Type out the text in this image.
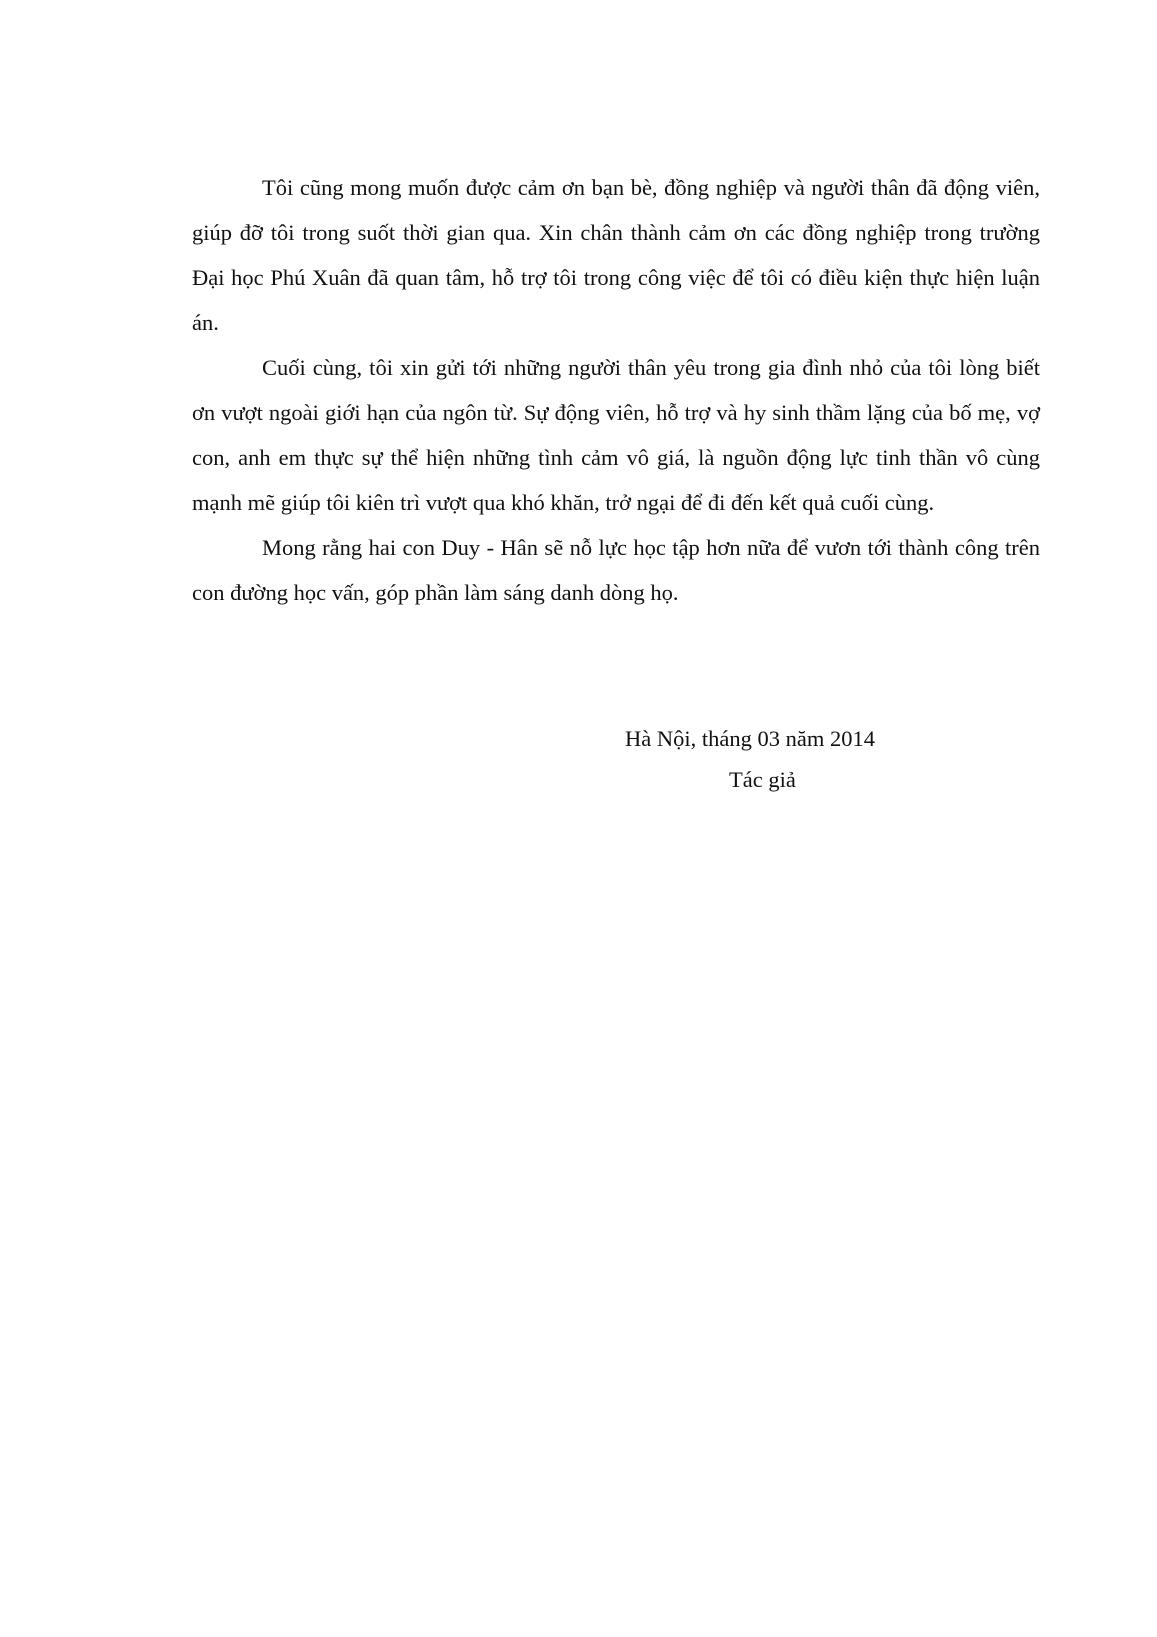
Tôi cũng mong muốn được cảm ơn bạn bè, đồng nghiệp và người thân đã động viên, giúp đỡ tôi trong suốt thời gian qua. Xin chân thành cảm ơn các đồng nghiệp trong trường Đại học Phú Xuân đã quan tâm, hỗ trợ tôi trong công việc để tôi có điều kiện thực hiện luận án.

Cuối cùng, tôi xin gửi tới những người thân yêu trong gia đình nhỏ của tôi lòng biết ơn vượt ngoài giới hạn của ngôn từ. Sự động viên, hỗ trợ và hy sinh thầm lặng của bố mẹ, vợ con, anh em thực sự thể hiện những tình cảm vô giá, là nguồn động lực tinh thần vô cùng mạnh mẽ giúp tôi kiên trì vượt qua khó khăn, trở ngại để đi đến kết quả cuối cùng.

Mong rằng hai con Duy - Hân sẽ nỗ lực học tập hơn nữa để vươn tới thành công trên con đường học vấn, góp phần làm sáng danh dòng họ.

Hà Nội, tháng 03 năm 2014
Tác giả
